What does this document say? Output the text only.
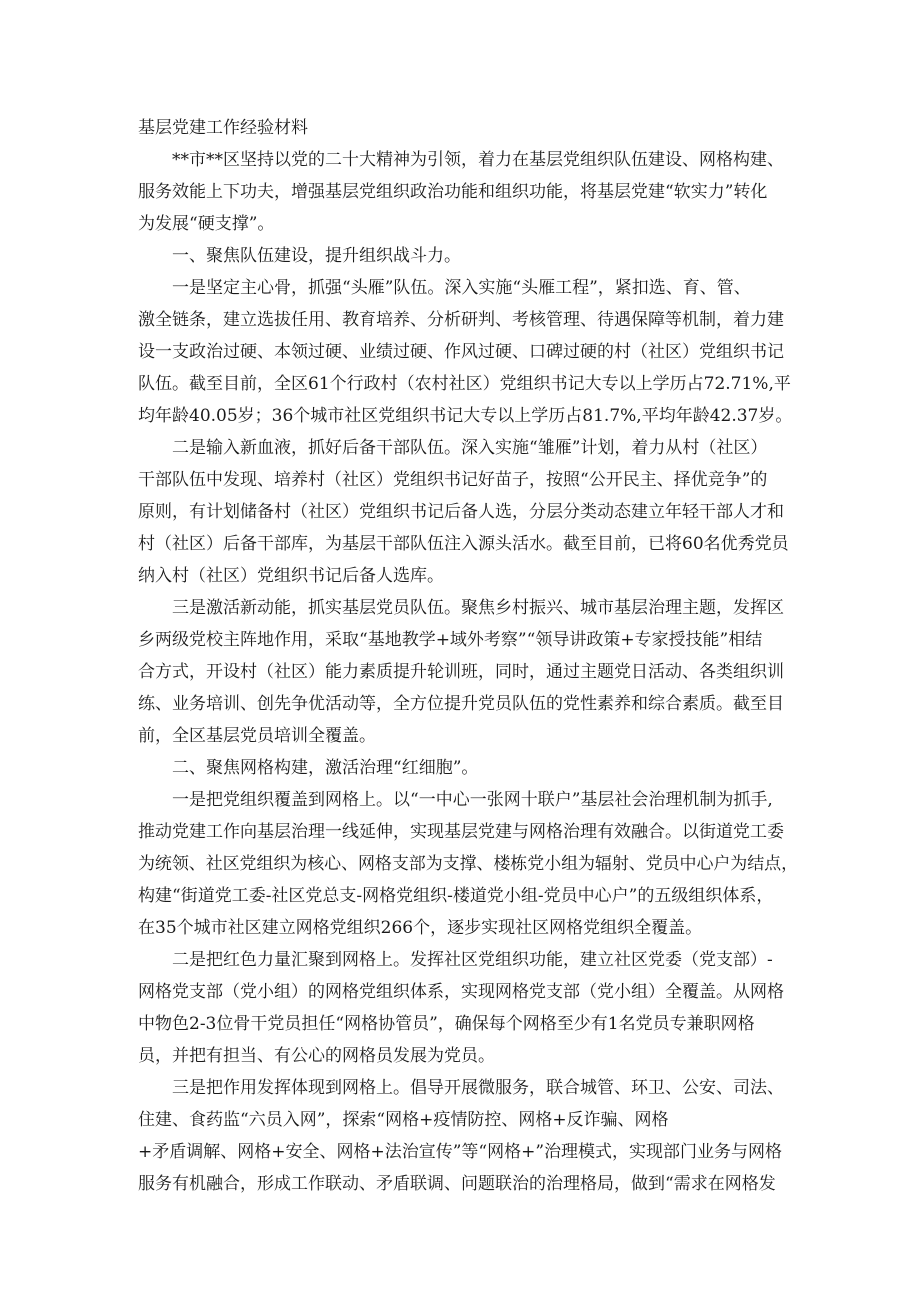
基层党建工作经验材料
**市**区坚持以党的二十大精神为引领，着力在基层党组织队伍建设、网格构建、
服务效能上下功夫，增强基层党组织政治功能和组织功能，将基层党建“软实力”转化
为发展“硬支撑”。
一、聚焦队伍建设，提升组织战斗力。
一是坚定主心骨，抓强“头雁”队伍。深入实施“头雁工程”，紧扣选、育、管、
激全链条，建立选拔任用、教育培养、分析研判、考核管理、待遇保障等机制，着力建
设一支政治过硬、本领过硬、业绩过硬、作风过硬、口碑过硬的村（社区）党组织书记
队伍。截至目前，全区61个行政村（农村社区）党组织书记大专以上学历占72.71%,平
均年龄40.05岁；36个城市社区党组织书记大专以上学历占81.7%,平均年龄42.37岁。
二是输入新血液，抓好后备干部队伍。深入实施“雏雁”计划，着力从村（社区）
干部队伍中发现、培养村（社区）党组织书记好苗子，按照“公开民主、择优竞争”的
原则，有计划储备村（社区）党组织书记后备人选，分层分类动态建立年轻干部人才和
村（社区）后备干部库，为基层干部队伍注入源头活水。截至目前，已将60名优秀党员
纳入村（社区）党组织书记后备人选库。
三是激活新动能，抓实基层党员队伍。聚焦乡村振兴、城市基层治理主题，发挥区
乡两级党校主阵地作用，采取“基地教学+域外考察”“领导讲政策+专家授技能”相结
合方式，开设村（社区）能力素质提升轮训班，同时，通过主题党日活动、各类组织训
练、业务培训、创先争优活动等，全方位提升党员队伍的党性素养和综合素质。截至目
前，全区基层党员培训全覆盖。
二、聚焦网格构建，激活治理“红细胞”。
一是把党组织覆盖到网格上。以“一中心一张网十联户”基层社会治理机制为抓手,
推动党建工作向基层治理一线延伸，实现基层党建与网格治理有效融合。以街道党工委
为统领、社区党组织为核心、网格支部为支撑、楼栋党小组为辐射、党员中心户为结点，
构建“街道党工委-社区党总支-网格党组织-楼道党小组-党员中心户”的五级组织体系，
在35个城市社区建立网格党组织266个，逐步实现社区网格党组织全覆盖。
二是把红色力量汇聚到网格上。发挥社区党组织功能，建立社区党委（党支部）-
网格党支部（党小组）的网格党组织体系，实现网格党支部（党小组）全覆盖。从网格
中物色2-3位骨干党员担任“网格协管员”，确保每个网格至少有1名党员专兼职网格
员，并把有担当、有公心的网格员发展为党员。
三是把作用发挥体现到网格上。倡导开展微服务，联合城管、环卫、公安、司法、
住建、食药监“六员入网”，探索“网格+疫情防控、网格+反诈骗、网格
+矛盾调解、网格+安全、网格+法治宣传”等“网格+”治理模式，实现部门业务与网格
服务有机融合，形成工作联动、矛盾联调、问题联治的治理格局，做到“需求在网格发
